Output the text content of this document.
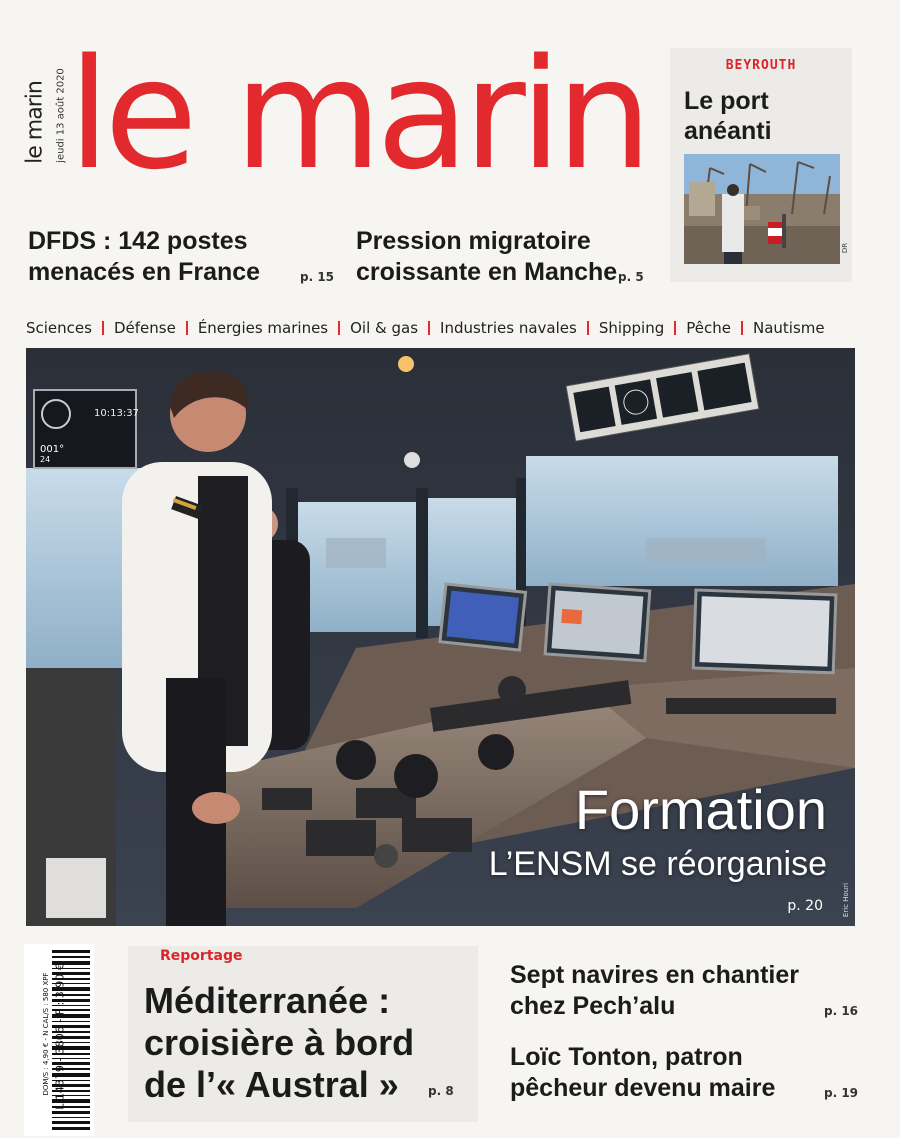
le marin jeudi 13 août 2020 le marin	BEYROUTH
Le port
anéanti
DR
DFDS : 142 postes
menacés en France	p. 15
Pression migratoire
croissante en Manche p. 5
Sciences Défense Énergies marines Oil & gas Industries navales Shipping Pêche Nautisme
10:13:37
001°
24
Formation
L’ENSM se réorganise
p. 20	Eric Houri
L 14379 - 3806 - F : 3,90 €
DOM/S : 4,90 € - N CAL/S : 580 XPF
Reportage
Méditerranée :
croisière à bord
de l’« Austral »	p. 8
Sept navires en chantier
chez Pech’alu	p. 16
Loïc Tonton, patron
pêcheur devenu maire	p. 19
